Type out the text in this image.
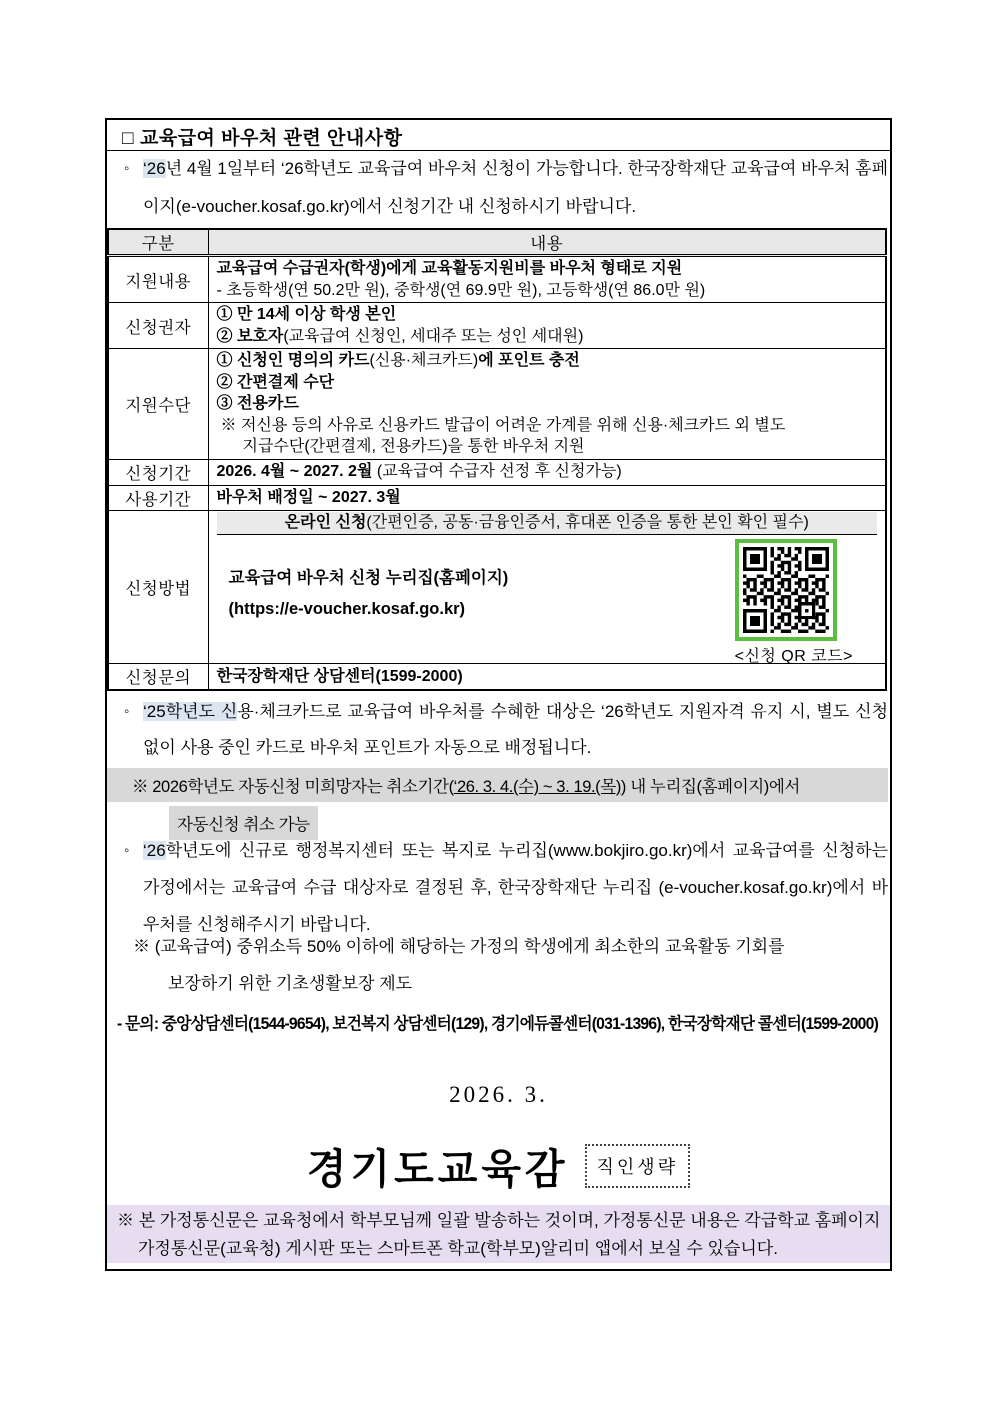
□ 교육급여 바우처 관련 안내사항

◦ ‘26년 4월 1일부터 ‘26학년도 교육급여 바우처 신청이 가능합니다. 한국장학재단 교육급여 바우처 홈페이지(e-voucher.kosaf.go.kr)에서 신청기간 내 신청하시기 바랍니다.

구분	내용
지원내용	교육급여 수급권자(학생)에게 교육활동지원비를 바우처 형태로 지원
- 초등학생(연 50.2만 원), 중학생(연 69.9만 원), 고등학생(연 86.0만 원)

신청권자	① 만 14세 이상 학생 본인
② 보호자(교육급여 신청인, 세대주 또는 성인 세대원)

지원수단	① 신청인 명의의 카드(신용·체크카드)에 포인트 충전
② 간편결제 수단
③ 전용카드
※ 저신용 등의 사유로 신용카드 발급이 어려운 가계를 위해 신용·체크카드 외 별도
지급수단(간편결제, 전용카드)을 통한 바우처 지원

신청기간	2026. 4월 ~ 2027. 2월 (교육급여 수급자 선정 후 신청가능)

사용기간	바우처 배정일 ~ 2027. 3월

신청방법	온라인 신청(간편인증, 공동·금융인증서, 휴대폰 인증을 통한 본인 확인 필수)
교육급여 바우처 신청 누리집(홈페이지)
(https://e-voucher.kosaf.go.kr)
<신청 QR 코드>

신청문의	한국장학재단 상담센터(1599-2000)

◦ ‘25학년도 신용·체크카드로 교육급여 바우처를 수혜한 대상은 ‘26학년도 지원자격 유지 시, 별도 신청 없이 사용 중인 카드로 바우처 포인트가 자동으로 배정됩니다.

※ 2026학년도 자동신청 미희망자는 취소기간(‘26. 3. 4.(수) ~ 3. 19.(목)) 내 누리집(홈페이지)에서
자동신청 취소 가능

◦ ‘26학년도에 신규로 행정복지센터 또는 복지로 누리집(www.bokjiro.go.kr)에서 교육급여를 신청하는 가정에서는 교육급여 수급 대상자로 결정된 후, 한국장학재단 누리집 (e-voucher.kosaf.go.kr)에서 바우처를 신청해주시기 바랍니다.

※ (교육급여) 중위소득 50% 이하에 해당하는 가정의 학생에게 최소한의 교육활동 기회를
보장하기 위한 기초생활보장 제도
- 문의: 중앙상담센터(1544-9654), 보건복지 상담센터(129), 경기에듀콜센터(031-1396), 한국장학재단 콜센터(1599-2000)
2026. 3.
경기도교육감	직인생략
※ 본 가정통신문은 교육청에서 학부모님께 일괄 발송하는 것이며, 가정통신문 내용은 각급학교 홈페이지
가정통신문(교육청) 게시판 또는 스마트폰 학교(학부모)알리미 앱에서 보실 수 있습니다.
